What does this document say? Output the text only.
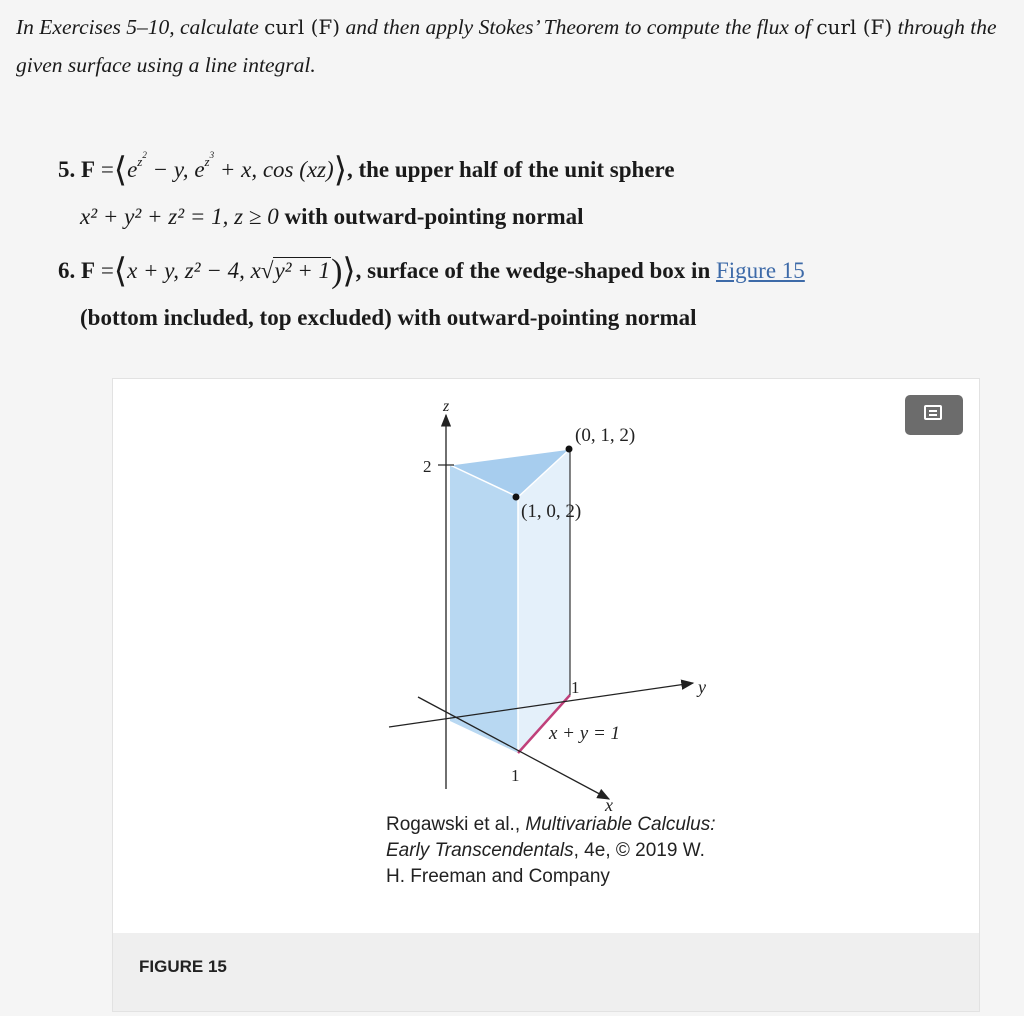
In Exercises 5–10, calculate curl (F) and then apply Stokes’ Theorem to compute the flux of curl (F) through the given surface using a line integral.
5. $F =⟨e^{z^2} - y$, $e^{z^3} + x$, cos (xz)⟩, the upper half of the unit sphere
x² + y² + z² = 1, z ≥ 0 with outward-pointing normal
6. F =⟨x + y, z² − 4, x√y² + 1)⟩, surface of the wedge-shaped box in Figure 15
(bottom included, top excluded) with outward-pointing normal
z
y
x
2
1
1
(0, 1, 2)
(1, 0, 2)
x + y = 1
Rogawski et al., Multivariable Calculus: Early Transcendentals, 4e, © 2019 W. H. Freeman and Company
FIGURE 15
